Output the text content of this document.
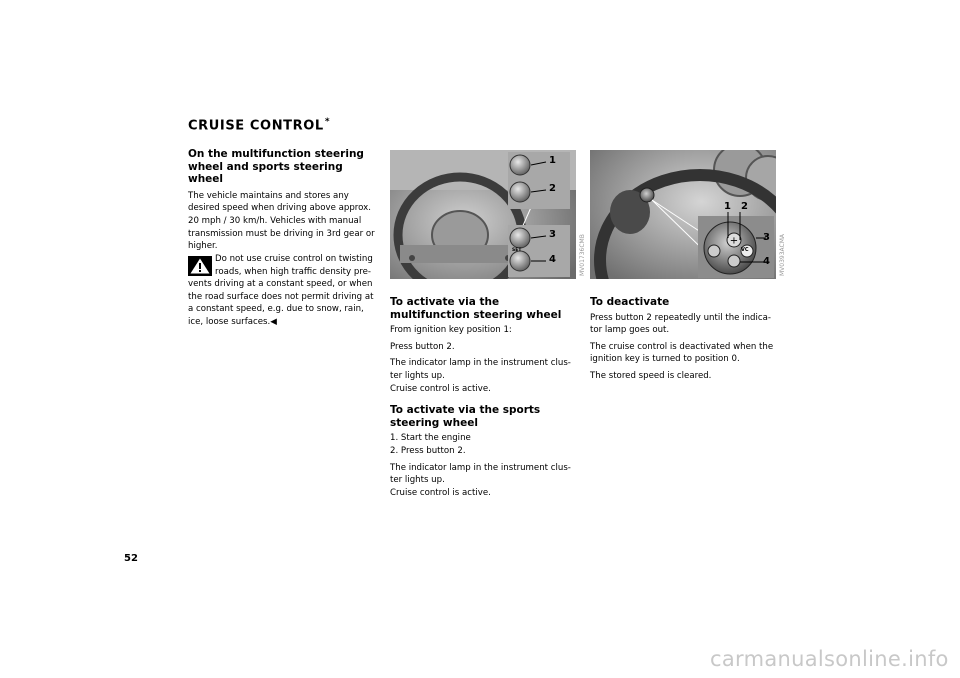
CRUISE CONTROL*
On the multifunction steering wheel and sports steering wheel

The vehicle maintains and stores any desired speed when driving above approx. 20 mph / 30 km/h. Vehicles with manual transmission must be driving in 3rd gear or higher.

Do not use cruise control on twisting
roads, when high traffic density pre-
vents driving at a constant speed, or when the road surface does not permit driving at a constant speed, e.g. due to snow, rain, ice, loose surfaces.◀
1
2
3
4
SET	MV01736CMB	+
1 2
3
4
VC	MV0393ACMA
To activate via the multifunction steering wheel

From ignition key position 1:

Press button 2.

The indicator lamp in the instrument clus- ter lights up.

Cruise control is active.

To activate via the sports steering wheel

1. Start the engine

2. Press button 2.

The indicator lamp in the instrument clus- ter lights up.

Cruise control is active.

To deactivate

Press button 2 repeatedly until the indica- tor lamp goes out.

The cruise control is deactivated when the ignition key is turned to position 0.

The stored speed is cleared.

52
carmanualsonline.info
